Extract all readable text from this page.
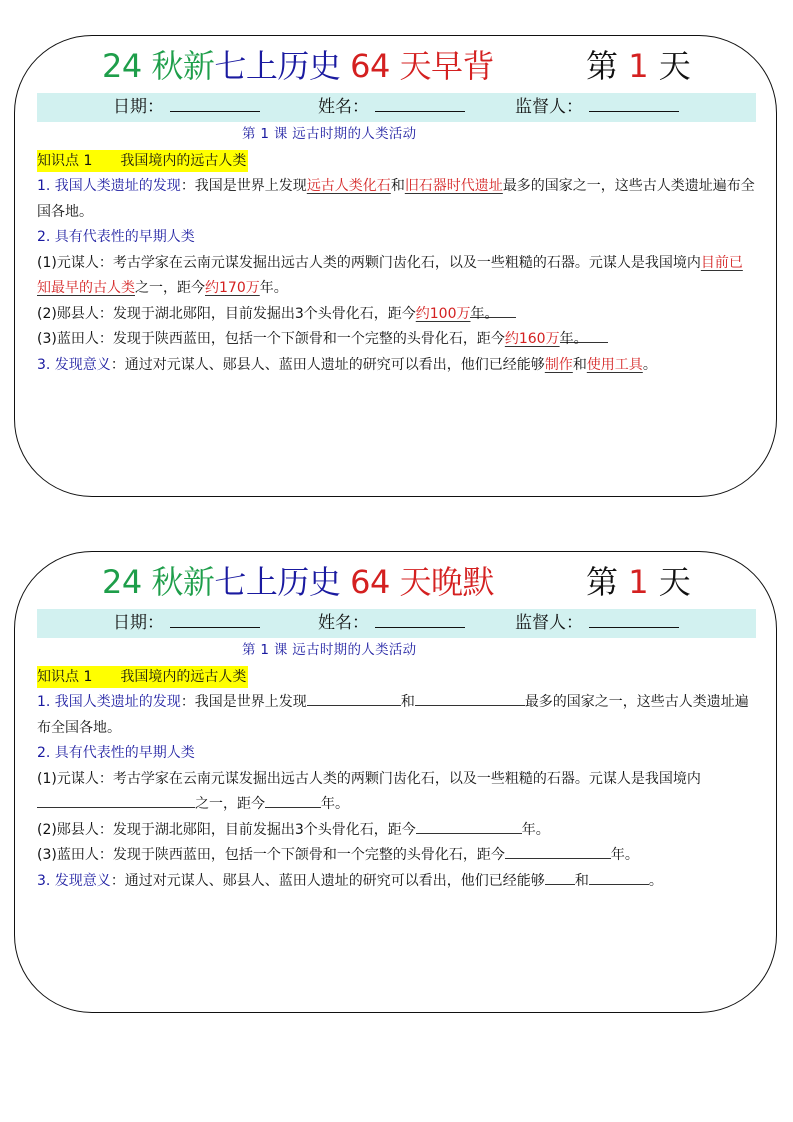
24 秋新七上历史 64 天早背	第 1 天
日期：	姓名：	监督人：
第 1 课 远古时期的人类活动
知识点 1 我国境内的远古人类

1. 我国人类遗址的发现：我国是世界上发现远古人类化石和旧石器时代遗址最多的国家之一，这些古人类遗址遍布全国各地。

2. 具有代表性的早期人类

(1)元谋人：考古学家在云南元谋发掘出远古人类的两颗门齿化石，以及一些粗糙的石器。元谋人是我国境内目前已知最早的古人类之一，距今约170万年。

(2)郧县人：发现于湖北郧阳，目前发掘出3个头骨化石，距今约100万年。

(3)蓝田人：发现于陕西蓝田，包括一个下颌骨和一个完整的头骨化石，距今约160万年。

3. 发现意义：通过对元谋人、郧县人、蓝田人遗址的研究可以看出，他们已经能够制作和使用工具。

24 秋新七上历史 64 天晚默	第 1 天
日期：	姓名：	监督人：
第 1 课 远古时期的人类活动
知识点 1 我国境内的远古人类

1. 我国人类遗址的发现：我国是世界上发现	和	最多的国家之一，这些古人类遗址遍布全国各地。

2. 具有代表性的早期人类

(1)元谋人：考古学家在云南元谋发掘出远古人类的两颗门齿化石，以及一些粗糙的石器。元谋人是我国境内之一，距今	年。

(2)郧县人：发现于湖北郧阳，目前发掘出3个头骨化石，距今	年。

(3)蓝田人：发现于陕西蓝田，包括一个下颌骨和一个完整的头骨化石，距今	年。

3. 发现意义：通过对元谋人、郧县人、蓝田人遗址的研究可以看出，他们已经能够 和	。
